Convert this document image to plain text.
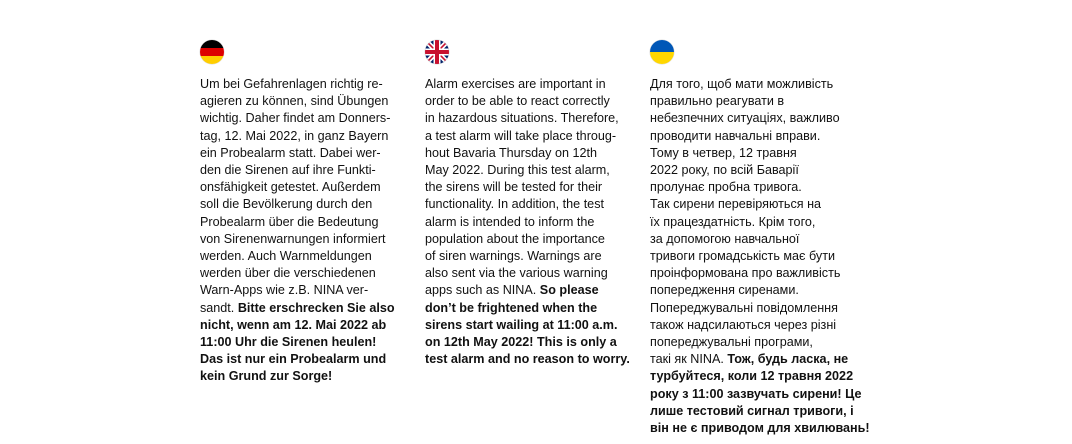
Um bei Gefahrenlagen richtig re-
agieren zu können, sind Übungen
wichtig. Daher findet am Donners-
tag, 12. Mai 2022, in ganz Bayern
ein Probealarm statt. Dabei wer-
den die Sirenen auf ihre Funkti-
onsfähigkeit getestet. Außerdem
soll die Bevölkerung durch den
Probealarm über die Bedeutung
von Sirenenwarnungen informiert
werden. Auch Warnmeldungen
werden über die verschiedenen
Warn-Apps wie z.B. NINA ver-
sandt. Bitte erschrecken Sie also
nicht, wenn am 12. Mai 2022 ab
11:00 Uhr die Sirenen heulen!
Das ist nur ein Probealarm und
kein Grund zur Sorge!

Alarm exercises are important in
order to be able to react correctly
in hazardous situations. Therefore,
a test alarm will take place throug-
hout Bavaria Thursday on 12th
May 2022. During this test alarm,
the sirens will be tested for their
functionality. In addition, the test
alarm is intended to inform the
population about the importance
of siren warnings. Warnings are
also sent via the various warning
apps such as NINA. So please
don’t be frightened when the
sirens start wailing at 11:00 a.m.
on 12th May 2022! This is only a
test alarm and no reason to worry.

Для того, щоб мати можливість
правильно реагувати в
небезпечних ситуаціях, важливо
проводити навчальні вправи.
Тому в четвер, 12 травня
2022 року, по всій Баварії
пролунає пробна тривога.
Так сирени перевіряються на
їх працездатність. Крім того,
за допомогою навчальної
тривоги громадськість має бути
проінформована про важливість
попередження сиренами.
Попереджувальні повідомлення
також надсилаються через різні
попереджувальні програми,
такі як NINA. Тож, будь ласка, не
турбуйтеся, коли 12 травня 2022
року з 11:00 зазвучать сирени! Це
лише тестовий сигнал тривоги, і
він не є приводом для хвилювань!
